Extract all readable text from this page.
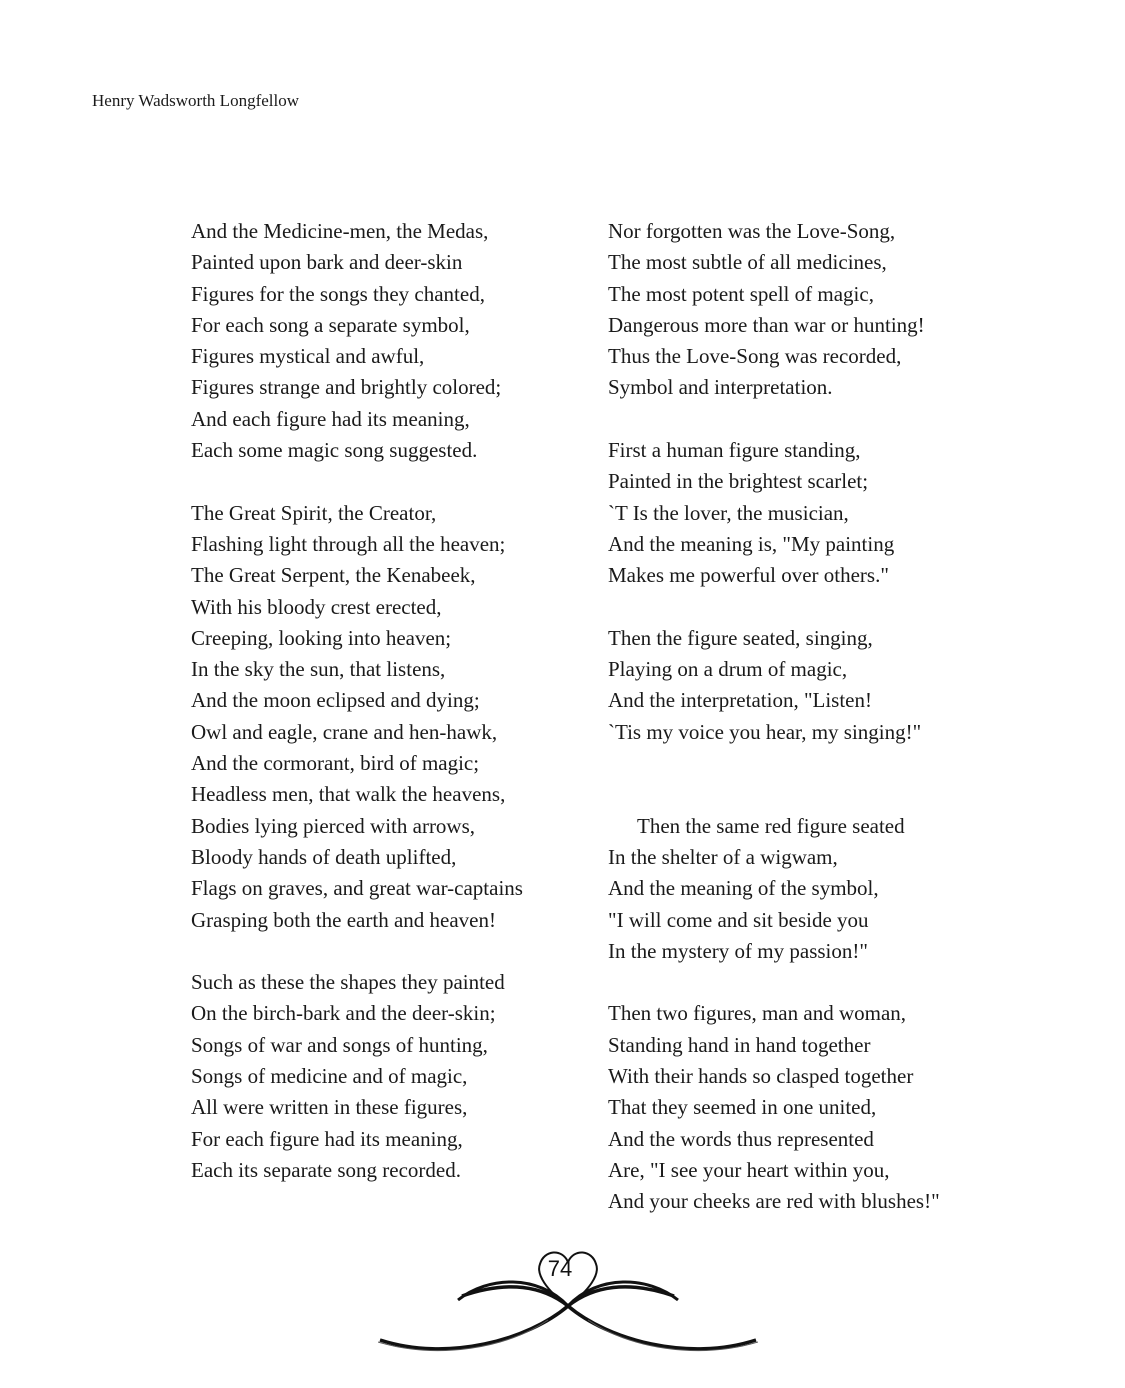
Henry Wadsworth Longfellow
And the Medicine-men, the Medas,
Painted upon bark and deer-skin
Figures for the songs they chanted,
For each song a separate symbol,
Figures mystical and awful,
Figures strange and brightly colored;
And each figure had its meaning,
Each some magic song suggested.
The Great Spirit, the Creator,
Flashing light through all the heaven;
The Great Serpent, the Kenabeek,
With his bloody crest erected,
Creeping, looking into heaven;
In the sky the sun, that listens,
And the moon eclipsed and dying;
Owl and eagle, crane and hen-hawk,
And the cormorant, bird of magic;
Headless men, that walk the heavens,
Bodies lying pierced with arrows,
Bloody hands of death uplifted,
Flags on graves, and great war-captains
Grasping both the earth and heaven!
Such as these the shapes they painted
On the birch-bark and the deer-skin;
Songs of war and songs of hunting,
Songs of medicine and of magic,
All were written in these figures,
For each figure had its meaning,
Each its separate song recorded.
Nor forgotten was the Love-Song,
The most subtle of all medicines,
The most potent spell of magic,
Dangerous more than war or hunting!
Thus the Love-Song was recorded,
Symbol and interpretation.
First a human figure standing,
Painted in the brightest scarlet;
`T Is the lover, the musician,
And the meaning is, "My painting
Makes me powerful over others."
Then the figure seated, singing,
Playing on a drum of magic,
And the interpretation, "Listen!
`Tis my voice you hear, my singing!"
Then the same red figure seated
In the shelter of a wigwam,
And the meaning of the symbol,
"I will come and sit beside you
In the mystery of my passion!"
Then two figures, man and woman,
Standing hand in hand together
With their hands so clasped together
That they seemed in one united,
And the words thus represented
Are, "I see your heart within you,
And your cheeks are red with blushes!"
74
